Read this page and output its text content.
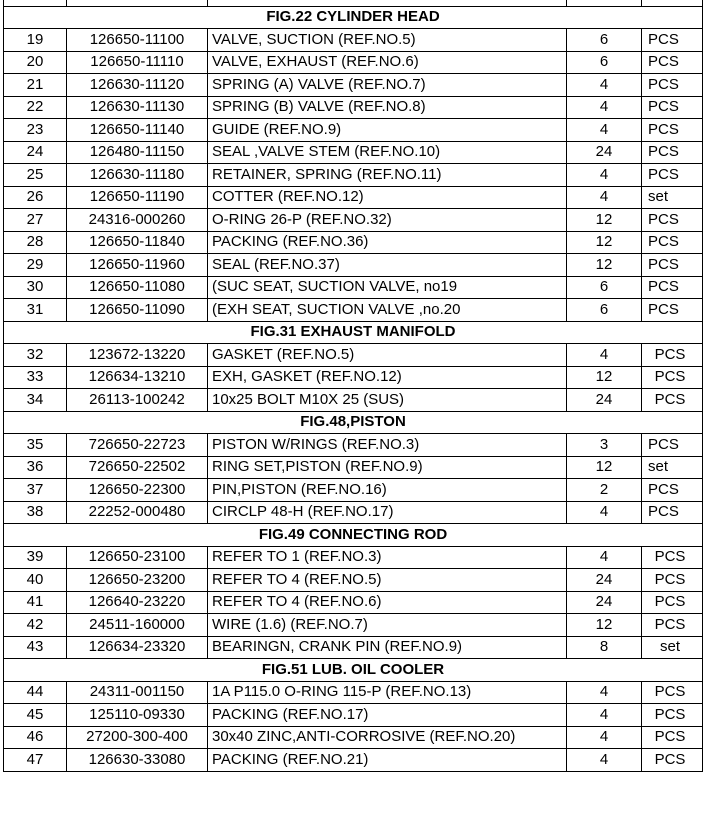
FIG.22 CYLINDER HEAD				
19	126650-11100	VALVE, SUCTION (REF.NO.5)	6	PCS
20	126650-11110	VALVE, EXHAUST (REF.NO.6)	6	PCS
21	126630-11120	SPRING (A) VALVE (REF.NO.7)	4	PCS
22	126630-11130	SPRING (B) VALVE (REF.NO.8)	4	PCS
23	126650-11140	GUIDE (REF.NO.9)	4	PCS
24	126480-11150	SEAL ,VALVE STEM (REF.NO.10)	24	PCS
25	126630-11180	RETAINER, SPRING (REF.NO.11)	4	PCS
26	126650-11190	COTTER (REF.NO.12)	4	set
27	24316-000260	O-RING 26-P (REF.NO.32)	12	PCS
28	126650-11840	PACKING (REF.NO.36)	12	PCS
29	126650-11960	SEAL (REF.NO.37)	12	PCS
30	126650-11080	(SUC SEAT, SUCTION VALVE, no19	6	PCS
31	126650-11090	(EXH SEAT, SUCTION VALVE ,no.20	6	PCS
FIG.31 EXHAUST MANIFOLD				
32	123672-13220	GASKET (REF.NO.5)	4	PCS
33	126634-13210	EXH, GASKET (REF.NO.12)	12	PCS
34	26113-100242	10x25 BOLT M10X 25 (SUS)	24	PCS
FIG.48,PISTON				
35	726650-22723	PISTON W/RINGS (REF.NO.3)	3	PCS
36	726650-22502	RING SET,PISTON (REF.NO.9)	12	set
37	126650-22300	PIN,PISTON (REF.NO.16)	2	PCS
38	22252-000480	CIRCLP 48-H (REF.NO.17)	4	PCS
FIG.49 CONNECTING ROD				
39	126650-23100	REFER TO 1 (REF.NO.3)	4	PCS
40	126650-23200	REFER TO 4 (REF.NO.5)	24	PCS
41	126640-23220	REFER TO 4 (REF.NO.6)	24	PCS
42	24511-160000	WIRE (1.6) (REF.NO.7)	12	PCS
43	126634-23320	BEARINGN, CRANK PIN (REF.NO.9)	8	set
FIG.51 LUB. OIL COOLER				
44	24311-001150	1A P115.0 O-RING 115-P (REF.NO.13)	4	PCS
45	125110-09330	PACKING (REF.NO.17)	4	PCS
46	27200-300-400	30x40 ZINC,ANTI-CORROSIVE (REF.NO.20)	4	PCS
47	126630-33080	PACKING (REF.NO.21)	4	PCS
